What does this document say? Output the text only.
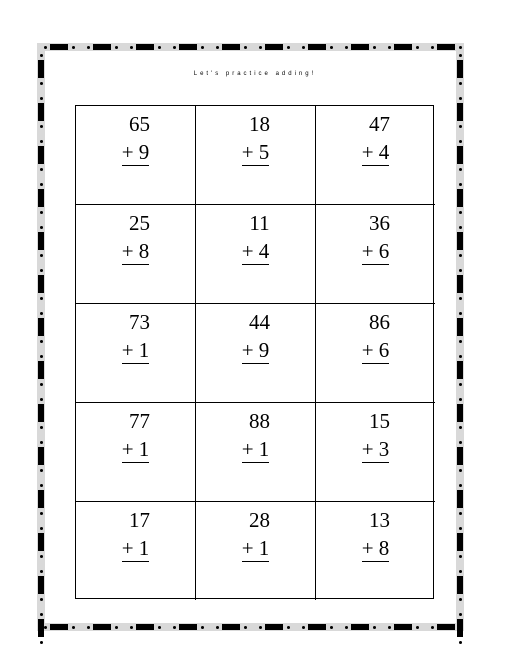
Let's practice adding!
65
+ 9
18
+ 5
47
+ 4
25
+ 8
11
+ 4
36
+ 6
73
+ 1
44
+ 9
86
+ 6
77
+ 1
88
+ 1
15
+ 3
17
+ 1
28
+ 1
13
+ 8
